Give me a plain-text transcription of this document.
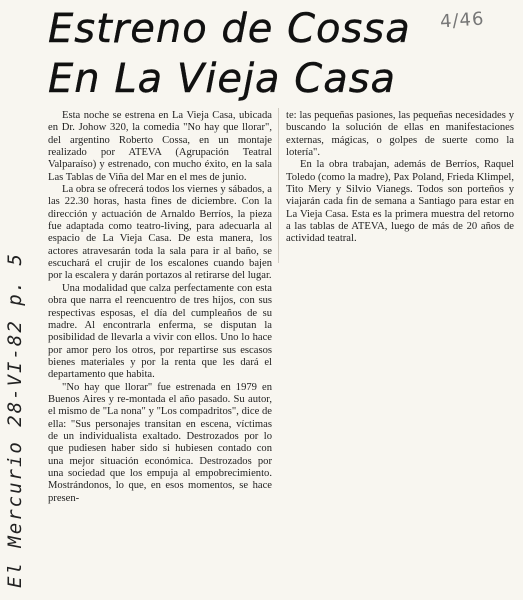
Estreno de Cossa
En La Vieja Casa
4/46
El Mercurio 28-VI-82 p. 5

Esta noche se estrena en La Vieja Casa, ubicada en Dr. Johow 320, la comedia "No hay que llorar", del argentino Roberto Cossa, en un montaje realizado por ATEVA (Agrupación Teatral Valparaíso) y estrenado, con mucho éxito, en la sala Las Tablas de Viña del Mar en el mes de junio.

La obra se ofrecerá todos los viernes y sábados, a las 22.30 horas, hasta fines de diciembre. Con la dirección y actuación de Arnaldo Berríos, la pieza fue adaptada como teatro-living, para adecuarla al espacio de La Vieja Casa. De esta manera, los actores atravesarán toda la sala para ir al baño, se escuchará el crujir de los escalones cuando bajen por la escalera y darán portazos al retirarse del lugar.

Una modalidad que calza perfectamente con esta obra que narra el reencuentro de tres hijos, con sus respectivas esposas, el día del cumpleaños de su madre. Al encontrarla enferma, se disputan la posibilidad de llevarla a vivir con ellos. Uno lo hace por amor pero los otros, por repartirse sus escasos bienes materiales y por la renta que les dará el departamento que habita.

"No hay que llorar" fue estrenada en 1979 en Buenos Aires y re-montada el año pasado. Su autor, el mismo de "La nona" y "Los compadritos", dice de ella: "Sus personajes transitan en escena, víctimas de un individualista exaltado. Destrozados por lo que pudiesen haber sido si hubiesen contado con una mejor situación económica. Destrozados por una sociedad que los empuja al empobrecimiento. Mostrándonos, lo que, en esos momentos, se hace presen-

te: las pequeñas pasiones, las pequeñas necesidades y buscando la solución de ellas en manifestaciones externas, mágicas, o golpes de suerte como la lotería".

En la obra trabajan, además de Berríos, Raquel Toledo (como la madre), Pax Poland, Frieda Klimpel, Tito Mery y Silvio Vianegs. Todos son porteños y viajarán cada fin de semana a Santiago para estar en La Vieja Casa. Esta es la primera muestra del retorno a las tablas de ATEVA, luego de más de 20 años de actividad teatral.
